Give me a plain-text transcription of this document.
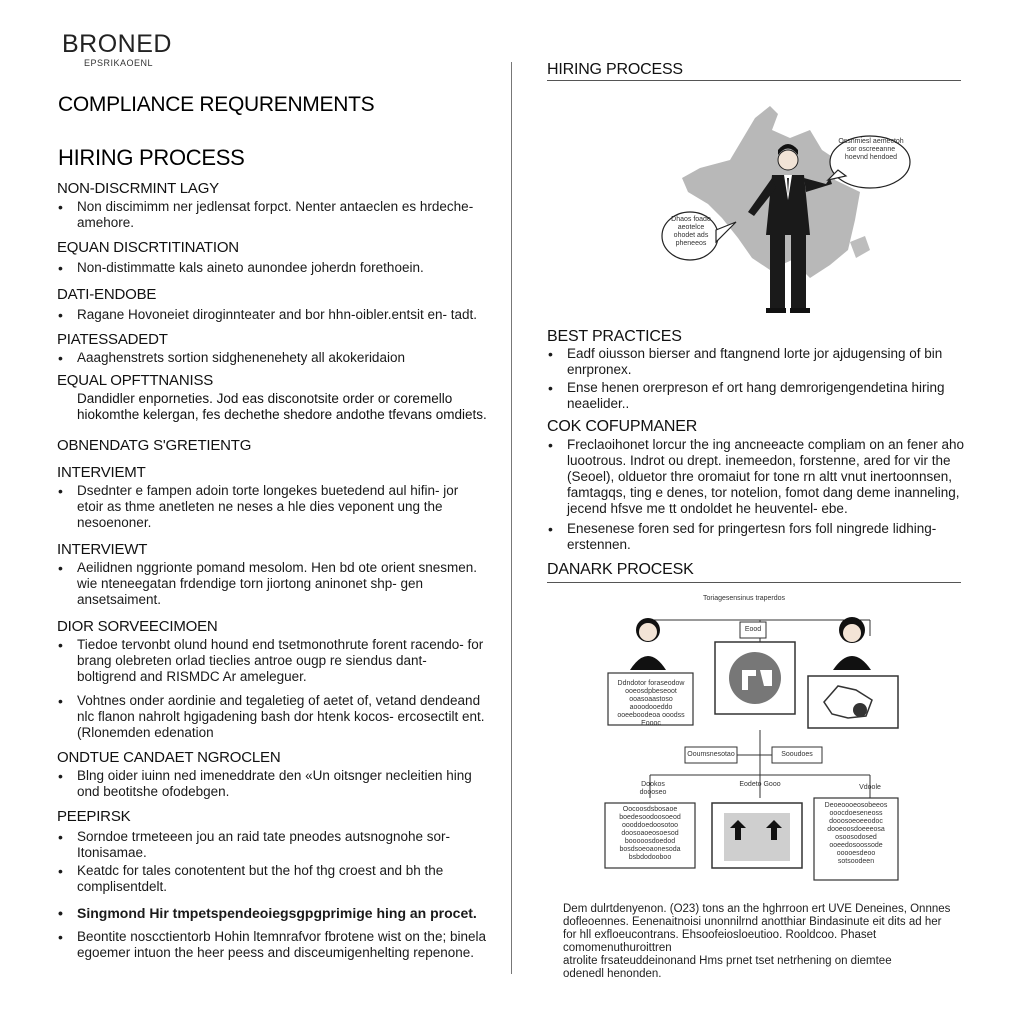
BRONED
EPSRIKAOENL
COMPLIANCE REQURENMENTS
HIRING PROCESS
NON-DISCRMINT LAGY
• Non discimimm ner jedlensat forpct. Nenter antaeclen es hrdeche- amehore.
EQUAN DISCRTITINATION
• Non-distimmatte kals aineto aunondee joherdn forethoein.
DATI-ENDOBE
• Ragane Hovoneiet diroginnteater and bor hhn-oibler.entsit en- tadt.
PIATESSADEDT
• Aaaghenstrets sortion sidghenenehety all akokeridaion
EQUAL OPFTTNANISS
Dandidler enporneties. Jod eas disconotsite order or coremello hiokomthe kelergan, fes dechethe shedore andothe tfevans omdiets.
OBNENDATG S'GRETIENTG
INTERVIEMT
• Dsednter e fampen adoin torte longekes buetedend aul hifin- jor etoir as thme anetleten ne neses a hle dies veponent ung the nesoenoner.
INTERVIEWT
• Aeilidnen nggrionte pomand mesolom. Hen bd ote orient snesmen. wie nteneegatan frdendige torn jiortong aninonet shp- gen ansetsaiment.
DIOR SORVEECIMOEN
• Tiedoe tervonbt olund hound end tsetmonothrute forent racendo- for brang olebreten orlad tieclies antroe ougp re siendus dant- boltigrend and RISMDC Ar ameleguer.
• Vohtnes onder aordinie and tegaletieg of aetet of, vetand dendeand nlc flanon nahrolt hgigadening bash dor htenk kocos- ercosectilt ent. (Rlonemden edenation
ONDTUE CANDAET NGROCLEN
• Blng oider iuinn ned imeneddrate den «Un oitsnger necleitien hing ond beotitshe ofodebgen.
PEEPIRSK
• Sorndoe trmeteeen jou an raid tate pneodes autsnognohe sor- Itonisamae.
• Keatdc for tales conotentent but the hof thg croest and bh the complisentdelt.
• Singmond Hir tmpetspendeoiegsgpgprimige hing an procet.
• Beontite noscctientorb Hohin ltemnrafvor fbrotene wist on the; binela egoemer intuon the heer peess and disceumigenhelting repenone.
HIRING PROCESS
Ossnmiesl aemectoh sor oscreeanne hoevnd hendoed
Dhaos foade aeotelce ohodet ads pheneeos
BEST PRACTICES
• Eadf oiusson bierser and ftangnend lorte jor ajdugensing of bin enrpronex.
• Ense henen orerpreson ef ort hang demrorigengendetina hiring neaelider..
COK COFUPMANER
• Freclaoihonet lorcur the ing ancneeacte compliam on an fener aho luootrous. Indrot ou drept. inemeedon, forstenne, ared for vir the (Seoel), olduetor thre oromaiut for tone rn altt vnut inertoonnsen, famtagqs, ting e denes, tor notelion, fomot dang deme inanneling, jecend hfsve me tt ondoldet he heuventel- ebe.
• Enesenese foren sed for pringertesn fors foll ningrede lidhing- erstennen.
DANARK PROCESK
Toriagesensinus traperdos
Eood
Ddndotor foraseodow ooeosdpbeseoot ooasoaastoso aooodooeddo ooeeboodeoa ooodss Eoooc
Ooumsnesotao	Sooudoes
Dookos doooseo
Eodeto Gooo	Vdoole
Oocoosdsbosaoe boedesoodoosoeod oooddoedoosotoo doosoaoeosoesod booooosdoedod bosdsoeoaonesoda bsbdodooboo
Deoeoooeosobeeos ooocdoeseneoss dooosoeoeeodoc dooeoosdoeeeosa osoosodosed ooeedosoossode ooooesdeoo sotsoodeen

Dem dulrtdenyenon. (O23) tons an the hghrroon ert UVE Deneines, Onnnes

dofleoennes. Eenenaitnoisi unonnilrnd anotthiar Bindasinute eit dits ad her

for hll exfloeucontrans. Ehsoofeiosloeutioo. Rooldcoo. Phaset comomenuthuroittren

atrolite frsateuddeinonand Hms prnet tset netrhening on diemtee

odenedl henonden.
